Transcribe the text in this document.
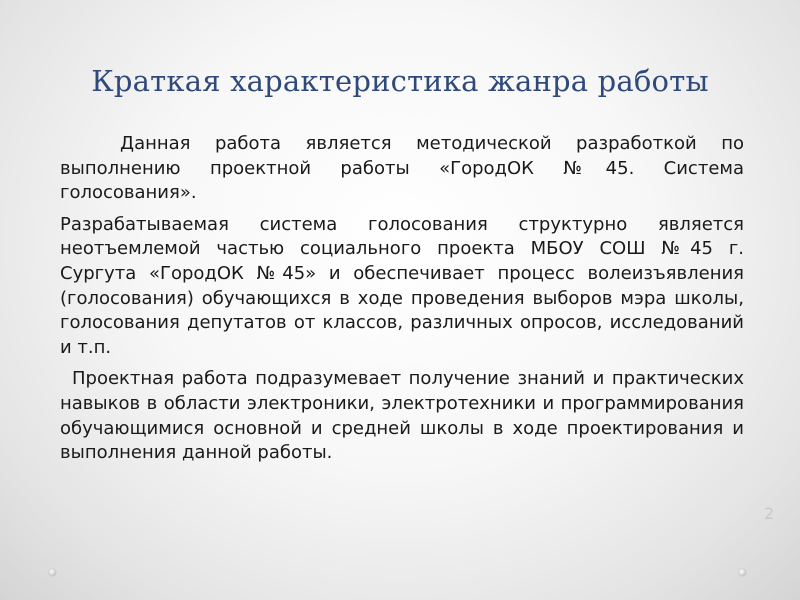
Краткая характеристика жанра работы

Данная работа является методической разработкой по выполнению проектной работы «ГородОК №45. Система голосования».

Разрабатываемая система голосования структурно является неотъемлемой частью социального проекта МБОУ СОШ №45 г. Сургута «ГородОК №45» и обеспечивает процесс волеизъявления (голосования) обучающихся в ходе проведения выборов мэра школы, голосования депутатов от классов, различных опросов, исследований и т.п.

Проектная работа подразумевает получение знаний и практических навыков в области электроники, электротехники и программирования обучающимися основной и средней школы в ходе проектирования и выполнения данной работы.

2
